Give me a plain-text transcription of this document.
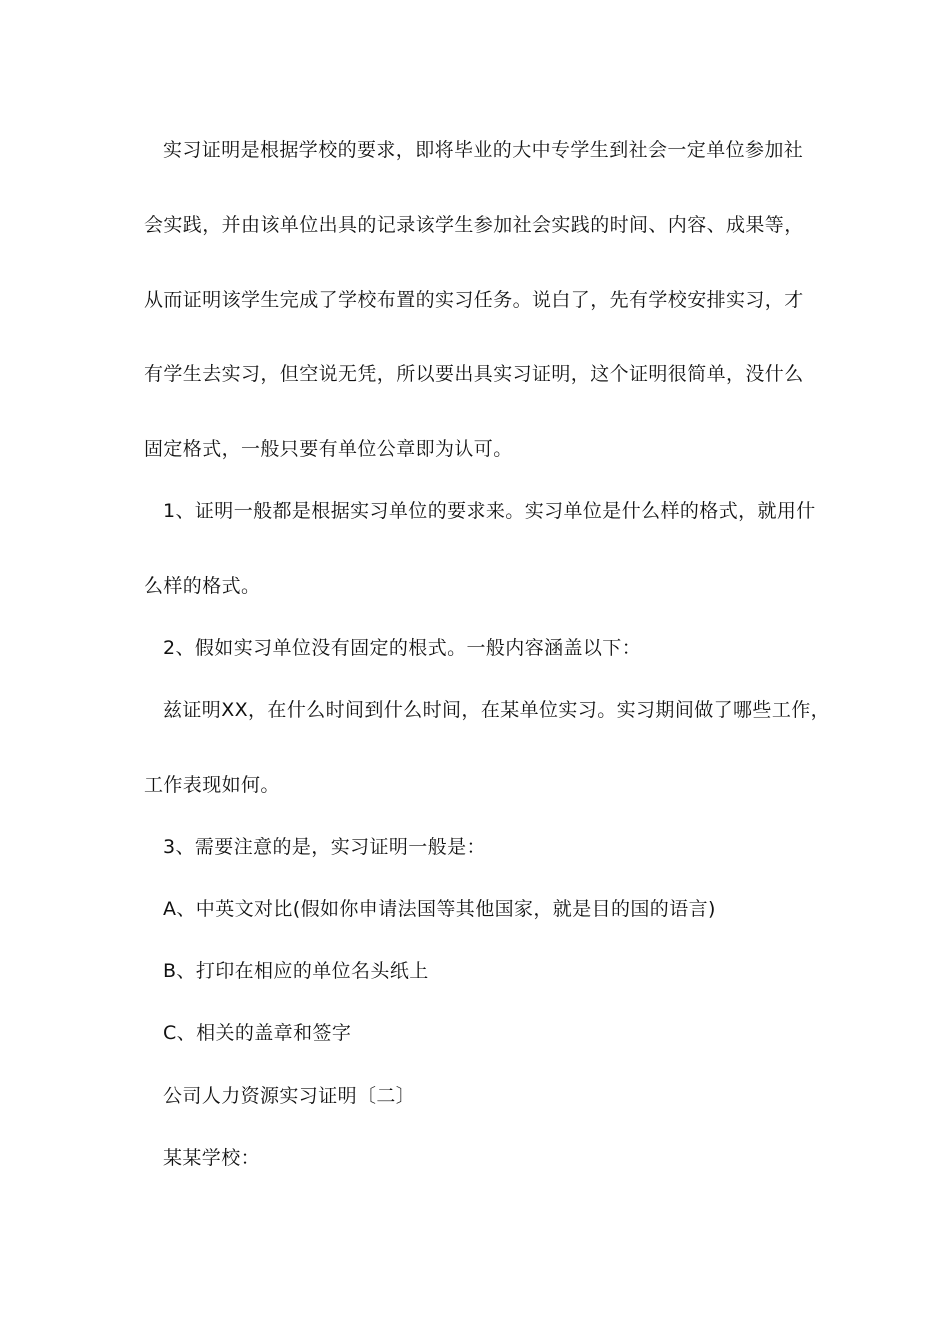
实习证明是根据学校的要求，即将毕业的大中专学生到社会一定单位参加社
会实践，并由该单位出具的记录该学生参加社会实践的时间、内容、成果等，
从而证明该学生完成了学校布置的实习任务。说白了，先有学校安排实习，才
有学生去实习，但空说无凭，所以要出具实习证明，这个证明很简单，没什么
固定格式，一般只要有单位公章即为认可。
1、证明一般都是根据实习单位的要求来。实习单位是什么样的格式，就用什
么样的格式。
2、假如实习单位没有固定的根式。一般内容涵盖以下：
兹证明XX，在什么时间到什么时间，在某单位实习。实习期间做了哪些工作，
工作表现如何。
3、需要注意的是，实习证明一般是：
A、中英文对比(假如你申请法国等其他国家，就是目的国的语言)
B、打印在相应的单位名头纸上
C、相关的盖章和签字
公司人力资源实习证明〔二〕
某某学校：
